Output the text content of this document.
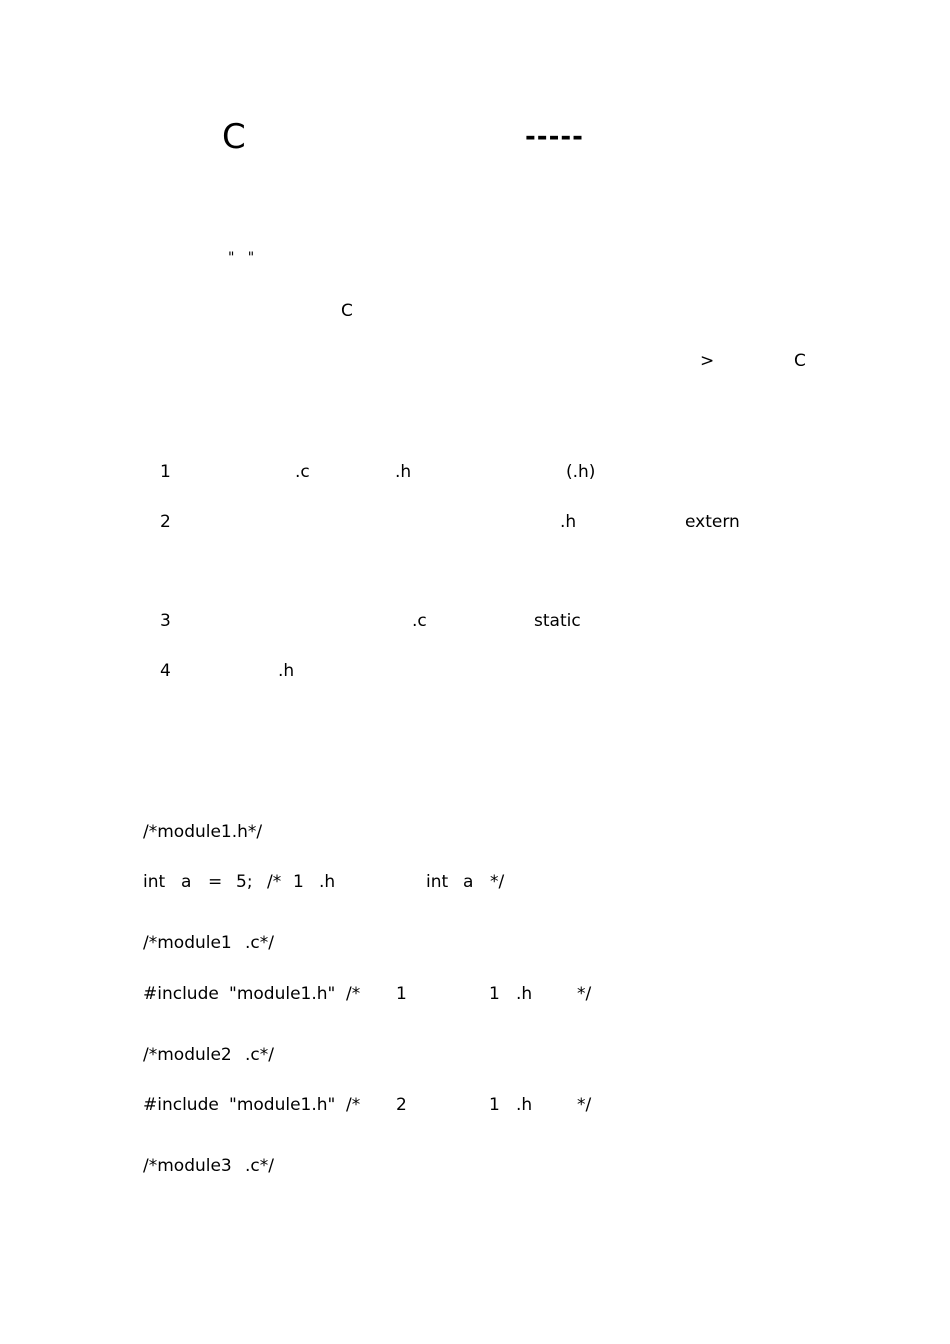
C	-----
"   "
C
>	C
1	.c	.h	(.h)
2	.h	extern
3	.c	static
4	.h
/*module1.h*/
int a = 5; /* 1 .h	int a */
/*module1 .c*/
#include "module1.h" /* 1	1 .h	*/
/*module2 .c*/
#include "module1.h" /* 2	1 .h	*/
/*module3 .c*/
